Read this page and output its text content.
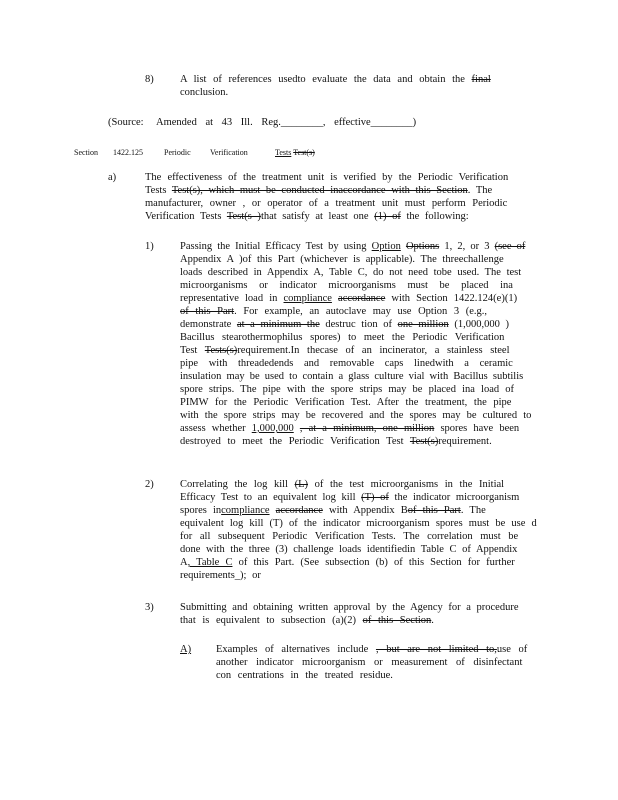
8)	A list of references usedto evaluate the data and obtain the final
conclusion.
(Source: Amended at 43 Ill. Reg.________, effective________)
Section 1422.125	Periodic Verification	Tests Test(s)
a)	The effectiveness of the treatment unit is verified by the Periodic Verification
Tests Test(s), which must be conducted inaccordance with this Section. The
manufacturer, owner , or operator of a treatment unit must perform Periodic
Verification Tests Test(s )that satisfy at least one (1) of the following:
1)	Passing the Initial Efficacy Test by using Option Options 1, 2, or 3 (see of
Appendix A )of this Part (whichever is applicable). The threechallenge
loads described in Appendix A, Table C, do not need tobe used. The test
microorganisms or indicator microorganisms must be placed ina
representative load in compliance accordance with Section 1422.124(e)(1)
of this Part. For example, an autoclave may use Option 3 (e.g.,
demonstrate at a minimum the destruc tion of one million (1,000,000 )
Bacillus stearothermophilus spores) to meet the Periodic Verification
Test Tests(s)requirement.In thecase of an incinerator, a stainless steel
pipe with threadedends and removable caps linedwith a ceramic
insulation may be used to contain a glass culture vial with Bacillus subtilis
spore strips. The pipe with the spore strips may be placed ina load of
PIMW for the Periodic Verification Test. After the treatment, the pipe
with the spore strips may be recovered and the spores may be cultured to
assess whether 1,000,000 , at a minimum, one million spores have been
destroyed to meet the Periodic Verification Test Test(s)requirement.
2)	Correlating the log kill (L) of the test microorganisms in the Initial
Efficacy Test to an equivalent log kill (T) of the indicator microorganism
spores incompliance accordance with Appendix Bof this Part. The
equivalent log kill (T) of the indicator microorganism spores must be use d
for all subsequent Periodic Verification Tests. The correlation must be
done with the three (3) challenge loads identifiedin Table C of Appendix
A, Table C of this Part. (See subsection (b) of this Section for further
requirements_); or
3)	Submitting and obtaining written approval by the Agency for a procedure
that is equivalent to subsection (a)(2) of this Section.
A) Examples of alternatives include , but are not limited to,use of
another indicator microorganism or measurement of disinfectant
con centrations in the treated residue.
